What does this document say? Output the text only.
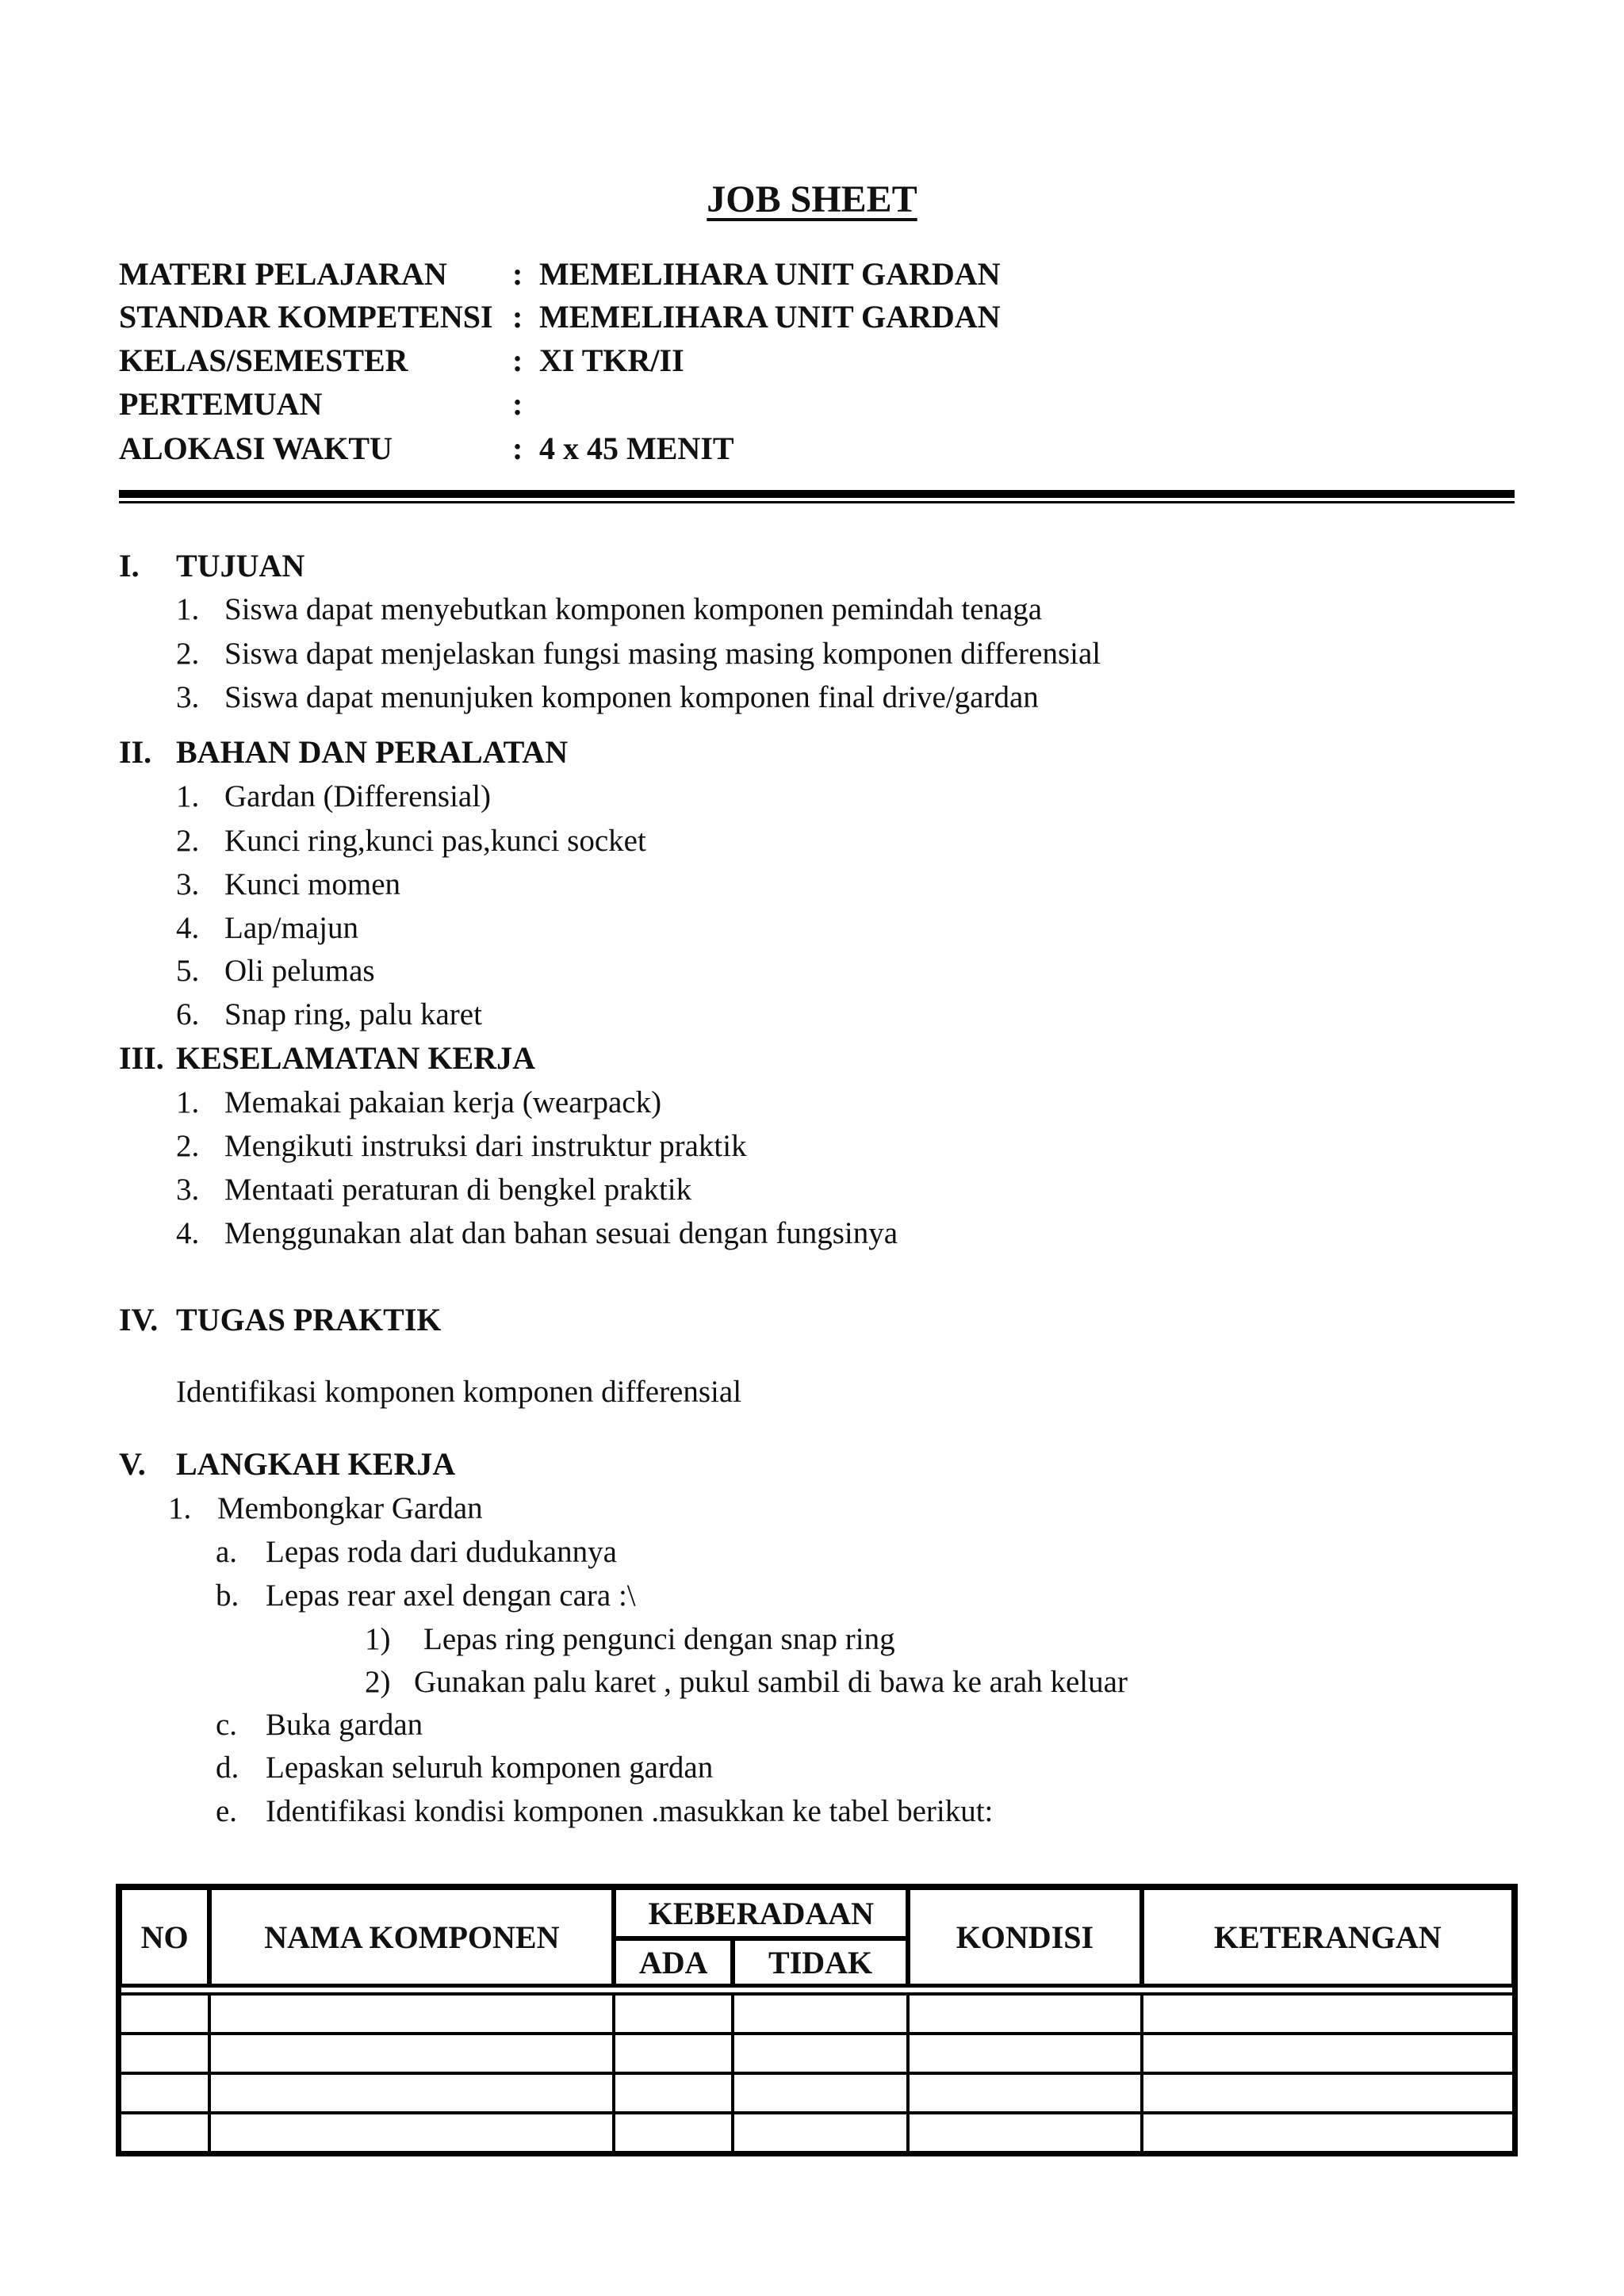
JOB SHEET
MATERI PELAJARAN : MEMELIHARA UNIT GARDAN
STANDAR KOMPETENSI : MEMELIHARA UNIT GARDAN
KELAS/SEMESTER	: XI TKR/II
PERTEMUAN	:
ALOKASI WAKTU	: 4 x 45 MENIT
I. TUJUAN
1. Siswa dapat menyebutkan komponen komponen pemindah tenaga
2. Siswa dapat menjelaskan fungsi masing masing komponen differensial
3. Siswa dapat menunjuken komponen komponen final drive/gardan
II. BAHAN DAN PERALATAN
1. Gardan (Differensial)
2. Kunci ring,kunci pas,kunci socket
3. Kunci momen
4. Lap/majun
5. Oli pelumas
6. Snap ring, palu karet
III. KESELAMATAN KERJA
1. Memakai pakaian kerja (wearpack)
2. Mengikuti instruksi dari instruktur praktik
3. Mentaati peraturan di bengkel praktik
4. Menggunakan alat dan bahan sesuai dengan fungsinya
IV. TUGAS PRAKTIK
Identifikasi komponen komponen differensial
V. LANGKAH KERJA
1. Membongkar Gardan
a. Lepas roda dari dudukannya
b. Lepas rear axel dengan cara :\
1) Lepas ring pengunci dengan snap ring
2) Gunakan palu karet , pukul sambil di bawa ke arah keluar
c. Buka gardan
d. Lepaskan seluruh komponen gardan
e. Identifikasi kondisi komponen .masukkan ke tabel berikut:
NO	NAMA KOMPONEN	KEBERADAAN		KONDISI	KETERANGAN
		ADA	TIDAK		
